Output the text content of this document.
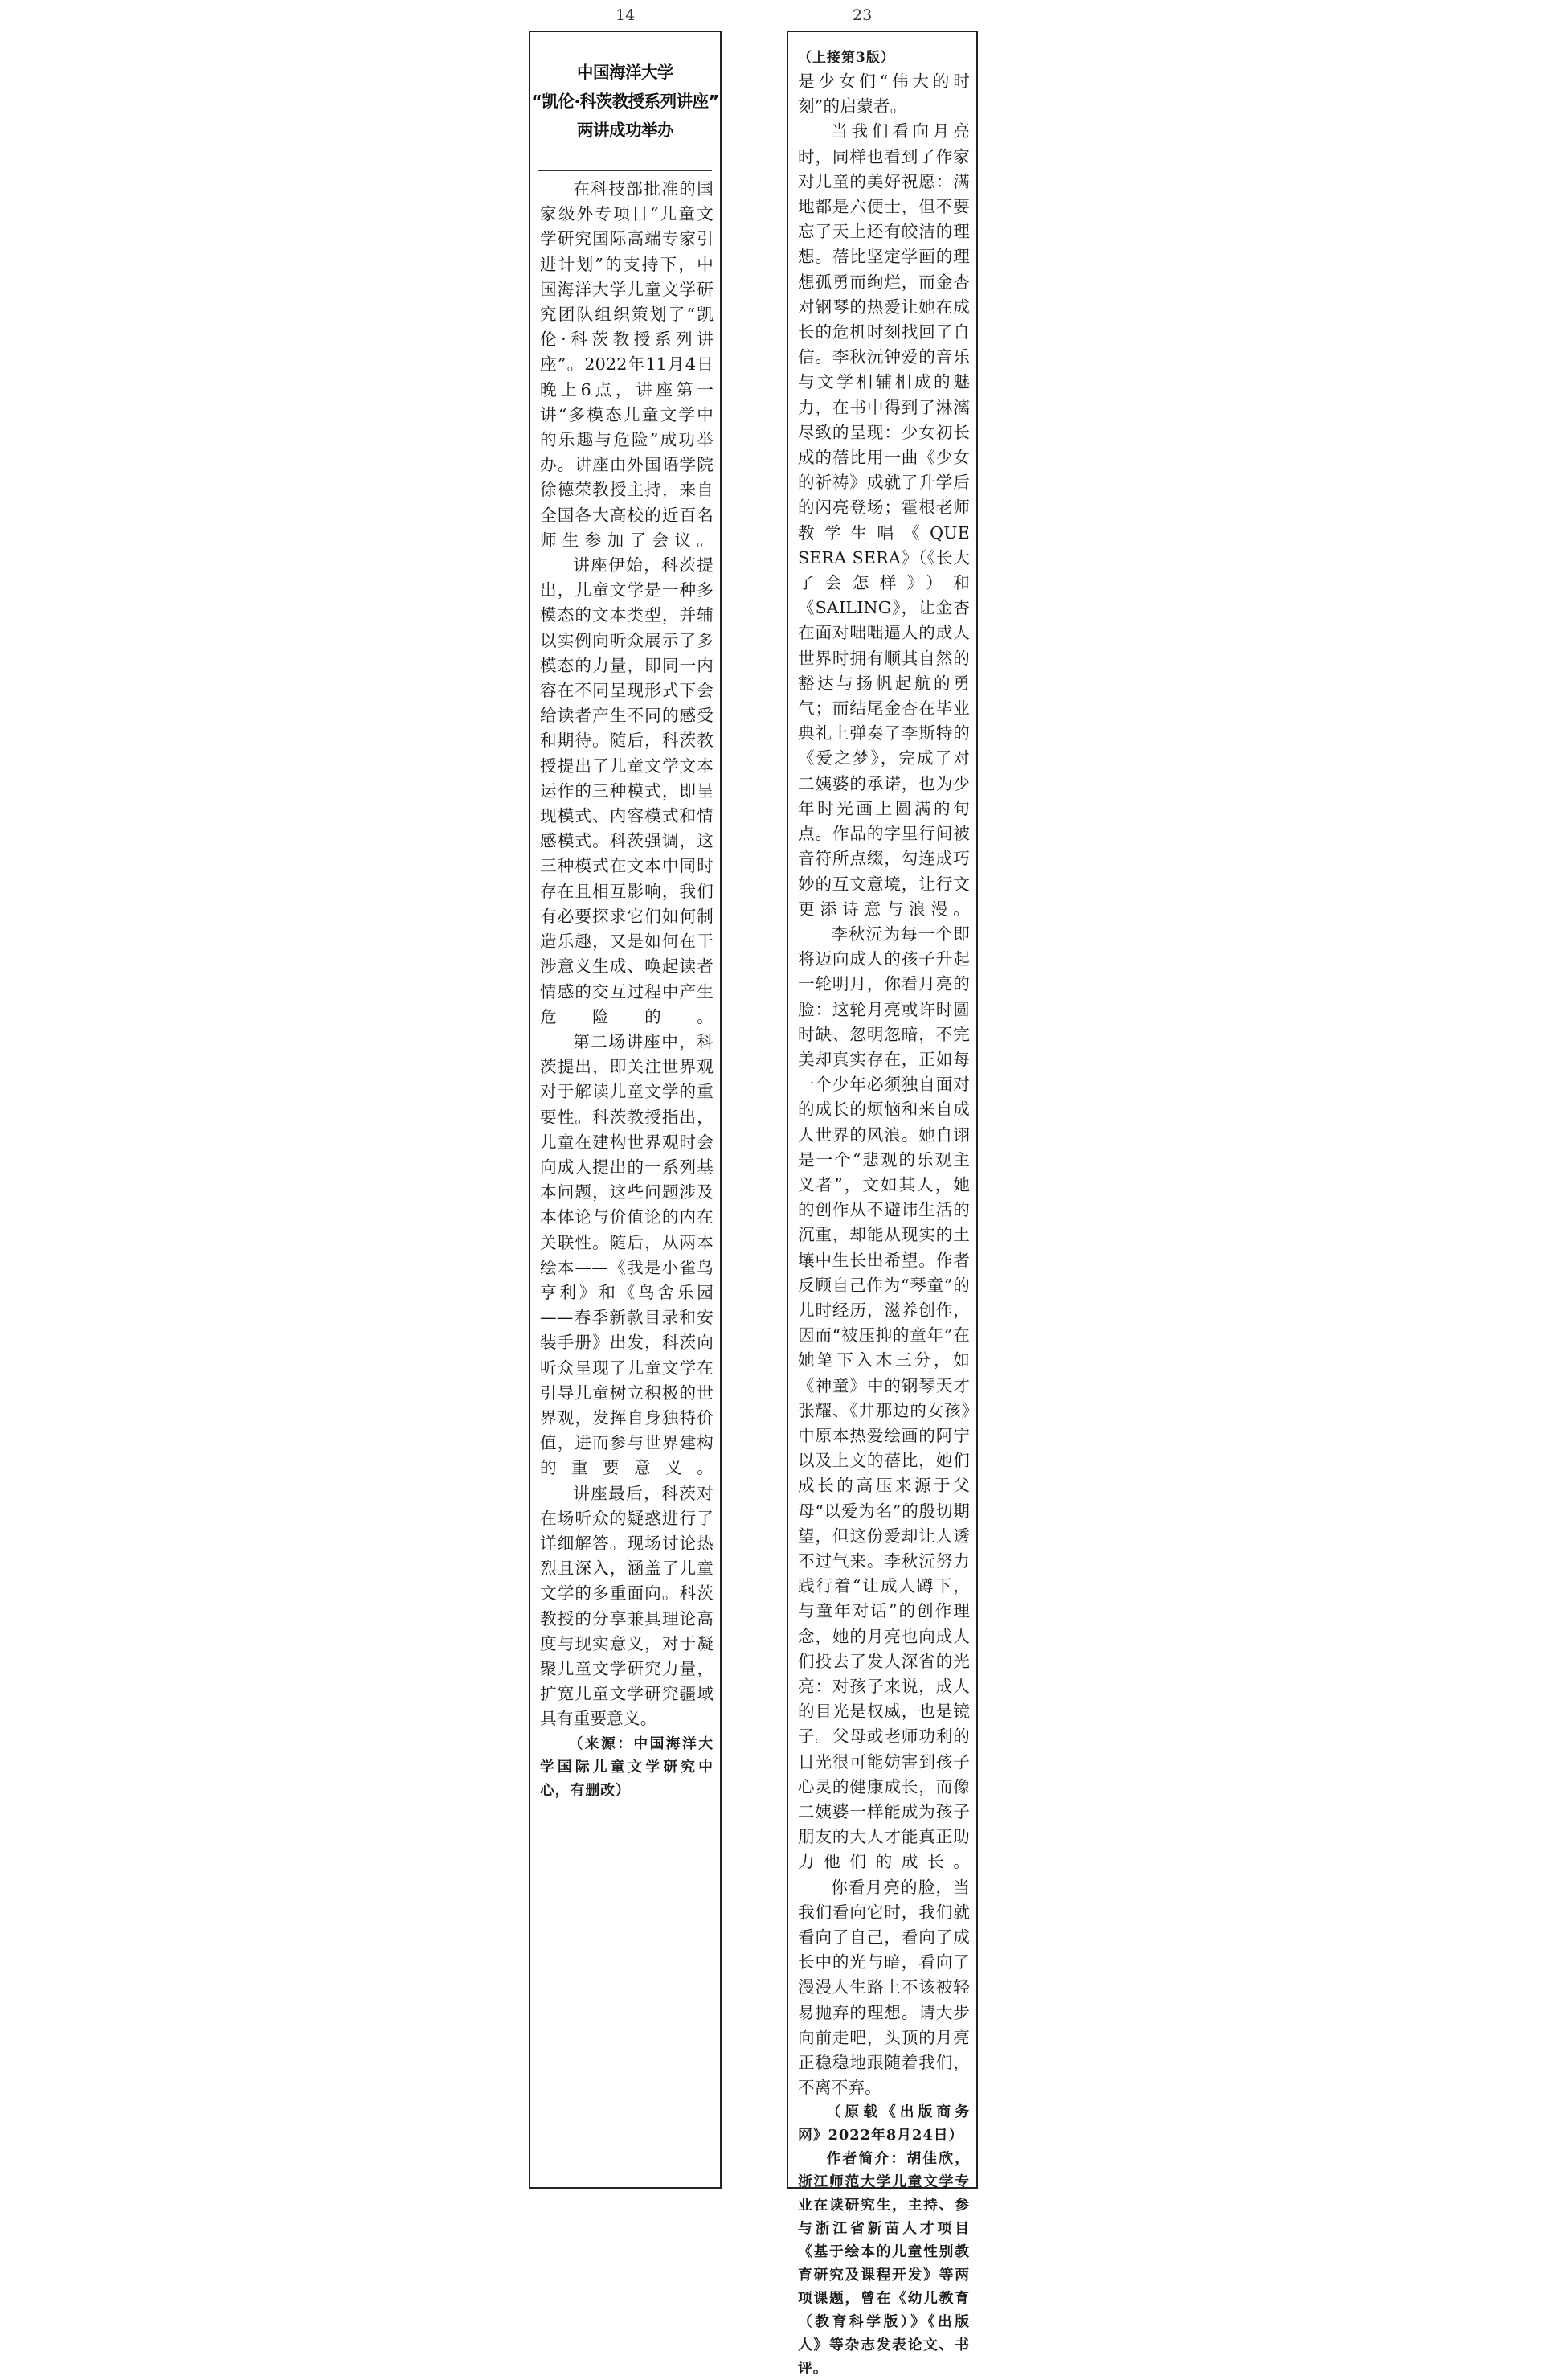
14	23
中国海洋大学
“凯伦·科茨教授系列讲座”
两讲成功举办

在科技部批准的国家级外专项目“儿童文学研究国际高端专家引进计划”的支持下，中国海洋大学儿童文学研究团队组织策划了“凯伦·科茨教授系列讲座”。2022年11月4日晚上6点，讲座第一讲“多模态儿童文学中的乐趣与危险”成功举办。讲座由外国语学院徐德荣教授主持，来自全国各大高校的近百名师生参加了会议。

讲座伊始，科茨提出，儿童文学是一种多模态的文本类型，并辅以实例向听众展示了多模态的力量，即同一内容在不同呈现形式下会给读者产生不同的感受和期待。随后，科茨教授提出了儿童文学文本运作的三种模式，即呈现模式、内容模式和情感模式。科茨强调，这三种模式在文本中同时存在且相互影响，我们有必要探求它们如何制造乐趣，又是如何在干涉意义生成、唤起读者情感的交互过程中产生危险的。

第二场讲座中，科茨提出，即关注世界观对于解读儿童文学的重要性。科茨教授指出，儿童在建构世界观时会向成人提出的一系列基本问题，这些问题涉及本体论与价值论的内在关联性。随后，从两本绘本——《我是小雀鸟亨利》和《鸟舍乐园——春季新款目录和安装手册》出发，科茨向听众呈现了儿童文学在引导儿童树立积极的世界观，发挥自身独特价值，进而参与世界建构的重要意义。

讲座最后，科茨对在场听众的疑惑进行了详细解答。现场讨论热烈且深入，涵盖了儿童文学的多重面向。科茨教授的分享兼具理论高度与现实意义，对于凝聚儿童文学研究力量，扩宽儿童文学研究疆域具有重要意义。

（来源：中国海洋大学国际儿童文学研究中心，有删改）

（上接第3版）

是少女们“伟大的时刻”的启蒙者。

当我们看向月亮时，同样也看到了作家对儿童的美好祝愿：满地都是六便士，但不要忘了天上还有皎洁的理想。蓓比坚定学画的理想孤勇而绚烂，而金杏对钢琴的热爱让她在成长的危机时刻找回了自信。李秋沅钟爱的音乐与文学相辅相成的魅力，在书中得到了淋漓尽致的呈现：少女初长成的蓓比用一曲《少女的祈祷》成就了升学后的闪亮登场；霍根老师教学生唱《QUE SERA SERA》（《长大了会怎样》）和《SAILING》，让金杏在面对咄咄逼人的成人世界时拥有顺其自然的豁达与扬帆起航的勇气；而结尾金杏在毕业典礼上弹奏了李斯特的《爱之梦》，完成了对二姨婆的承诺，也为少年时光画上圆满的句点。作品的字里行间被音符所点缀，勾连成巧妙的互文意境，让行文更添诗意与浪漫。

李秋沅为每一个即将迈向成人的孩子升起一轮明月，你看月亮的脸：这轮月亮或许时圆时缺、忽明忽暗，不完美却真实存在，正如每一个少年必须独自面对的成长的烦恼和来自成人世界的风浪。她自诩是一个“悲观的乐观主义者”，文如其人，她的创作从不避讳生活的沉重，却能从现实的土壤中生长出希望。作者反顾自己作为“琴童”的儿时经历，滋养创作，因而“被压抑的童年”在她笔下入木三分，如《神童》中的钢琴天才张耀、《井那边的女孩》中原本热爱绘画的阿宁以及上文的蓓比，她们成长的高压来源于父母“以爱为名”的殷切期望，但这份爱却让人透不过气来。李秋沅努力践行着“让成人蹲下，与童年对话”的创作理念，她的月亮也向成人们投去了发人深省的光亮：对孩子来说，成人的目光是权威，也是镜子。父母或老师功利的目光很可能妨害到孩子心灵的健康成长，而像二姨婆一样能成为孩子朋友的大人才能真正助力他们的成长。

你看月亮的脸，当我们看向它时，我们就看向了自己，看向了成长中的光与暗，看向了漫漫人生路上不该被轻易抛弃的理想。请大步向前走吧，头顶的月亮正稳稳地跟随着我们，不离不弃。

（原载《出版商务网》2022年8月24日）

作者简介：胡佳欣，浙江师范大学儿童文学专业在读研究生，主持、参与浙江省新苗人才项目《基于绘本的儿童性别教育研究及课程开发》等两项课题，曾在《幼儿教育（教育科学版）》《出版人》等杂志发表论文、书评。
